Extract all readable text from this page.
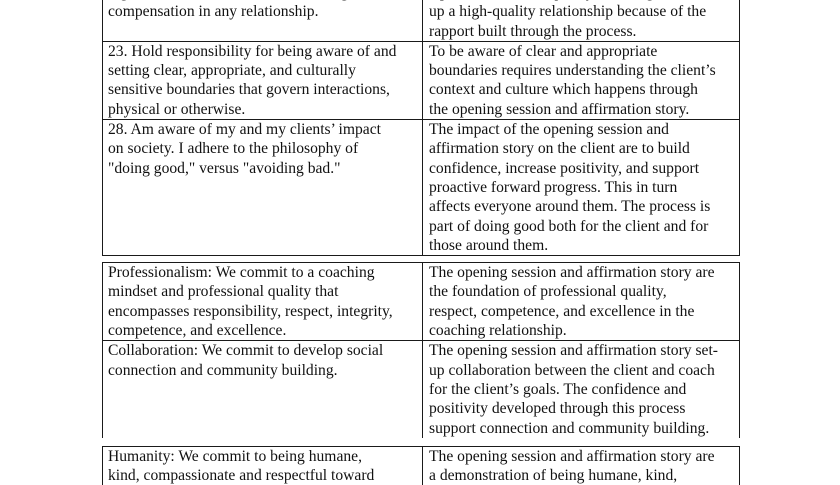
compensation in any relationship.	
up a high-quality relationship because of the
rapport built through the process.
23. Hold responsibility for being aware of and
setting clear, appropriate, and culturally
sensitive boundaries that govern interactions,
physical or otherwise.
To be aware of clear and appropriate
boundaries requires understanding the client’s
context and culture which happens through
the opening session and affirmation story.
28. Am aware of my and my clients’ impact
on society. I adhere to the philosophy of
"doing good," versus "avoiding bad."
The impact of the opening session and
affirmation story on the client are to build
confidence, increase positivity, and support
proactive forward progress. This in turn
affects everyone around them. The process is
part of doing good both for the client and for
those around them.
Professionalism: We commit to a coaching
mindset and professional quality that
encompasses responsibility, respect, integrity,
competence, and excellence.
The opening session and affirmation story are
the foundation of professional quality,
respect, competence, and excellence in the
coaching relationship.
Collaboration: We commit to develop social
connection and community building.
The opening session and affirmation story set-
up collaboration between the client and coach
for the client’s goals. The confidence and
positivity developed through this process
support connection and community building.
Humanity: We commit to being humane,
kind, compassionate and respectful toward
The opening session and affirmation story are
a demonstration of being humane, kind,
